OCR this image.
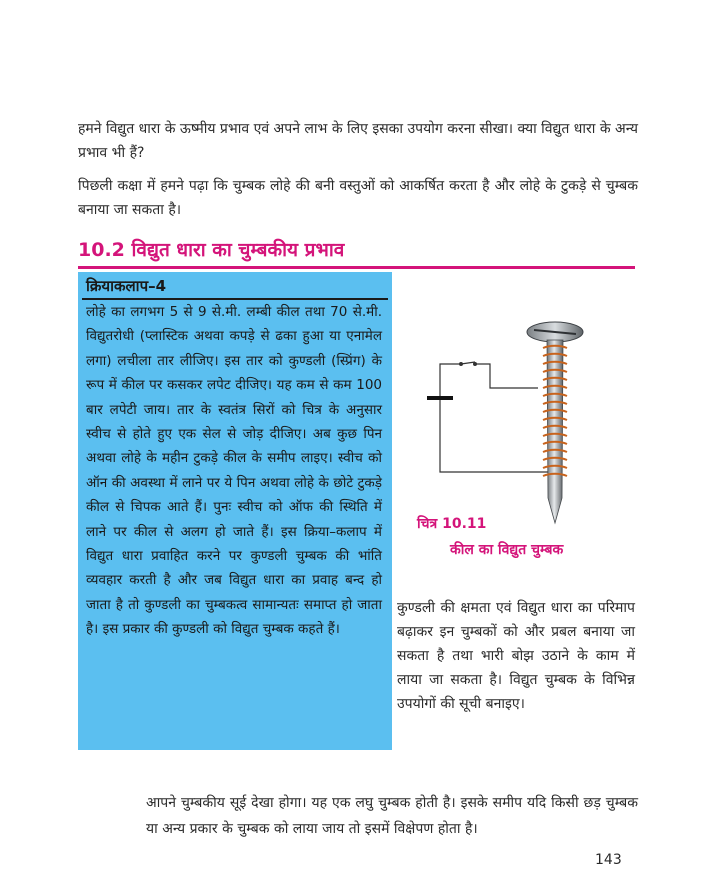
हमने विद्युत धारा के ऊष्मीय प्रभाव एवं अपने लाभ के लिए इसका उपयोग करना सीखा। क्या विद्युत धारा के अन्य प्रभाव भी हैं?

पिछली कक्षा में हमने पढ़ा कि चुम्बक लोहे की बनी वस्तुओं को आकर्षित करता है और लोहे के टुकड़े से चुम्बक बनाया जा सकता है।

10.2 विद्युत धारा का चुम्बकीय प्रभाव
क्रियाकलाप–4

लोहे का लगभग 5 से 9 से.मी. लम्बी कील तथा 70 से.मी. विद्युतरोधी (प्लास्टिक अथवा कपड़े से ढका हुआ या एनामेल लगा) लचीला तार लीजिए। इस तार को कुण्डली (स्प्रिंग) के रूप में कील पर कसकर लपेट दीजिए। यह कम से कम 100 बार लपेटी जाय। तार के स्वतंत्र सिरों को चित्र के अनुसार स्वीच से होते हुए एक सेल से जोड़ दीजिए। अब कुछ पिन अथवा लोहे के महीन टुकड़े कील के समीप लाइए। स्वीच को ऑन की अवस्था में लाने पर ये पिन अथवा लोहे के छोटे टुकड़े कील से चिपक आते हैं। पुनः स्वीच को ऑफ की स्थिति में लाने पर कील से अलग हो जाते हैं। इस क्रिया–कलाप में विद्युत धारा प्रवाहित करने पर कुण्डली चुम्बक की भांति व्यवहार करती है और जब विद्युत धारा का प्रवाह बन्द हो जाता है तो कुण्डली का चुम्बकत्व सामान्यतः समाप्त हो जाता है। इस प्रकार की कुण्डली को विद्युत चुम्बक कहते हैं।

चित्र 10.11

कील का विद्युत चुम्बक

कुण्डली की क्षमता एवं विद्युत धारा का परिमाप बढ़ाकर इन चुम्बकों को और प्रबल बनाया जा सकता है तथा भारी बोझ उठाने के काम में लाया जा सकता है। विद्युत चुम्बक के विभिन्न उपयोगों की सूची बनाइए।

आपने चुम्बकीय सूई देखा होगा। यह एक लघु चुम्बक होती है। इसके समीप यदि किसी छड़ चुम्बक या अन्य प्रकार के चुम्बक को लाया जाय तो इसमें विक्षेपण होता है।

143
